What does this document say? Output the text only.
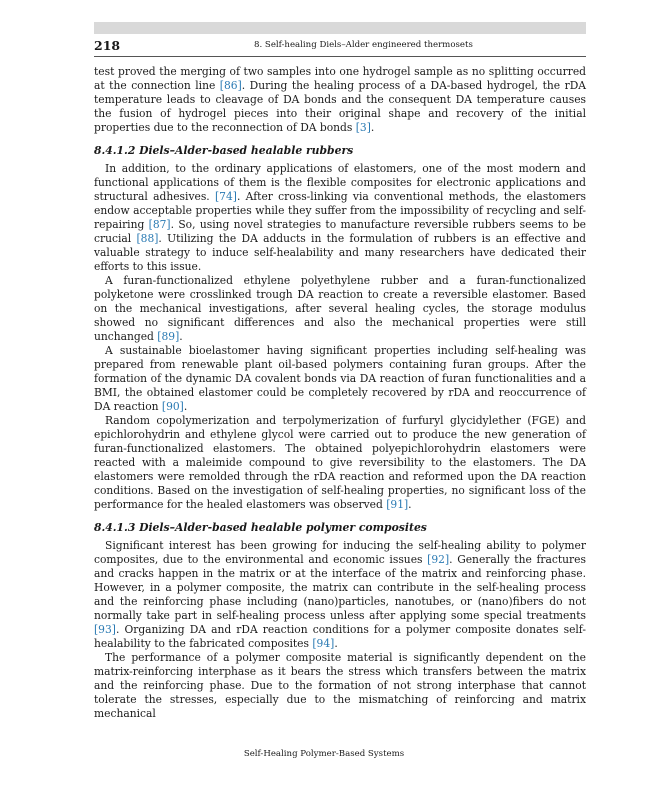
218	8. Self-healing Diels–Alder engineered thermosets

test proved the merging of two samples into one hydrogel sample as no splitting occurred at the connection line [86]. During the healing process of a DA-based hydrogel, the rDA temperature leads to cleavage of DA bonds and the consequent DA temperature causes the fusion of hydrogel pieces into their original shape and recovery of the initial properties due to the reconnection of DA bonds [3].

8.4.1.2 Diels–Alder-based healable rubbers

In addition, to the ordinary applications of elastomers, one of the most modern and functional applications of them is the flexible composites for electronic applications and structural adhesives. [74]. After cross-linking via conventional methods, the elastomers endow acceptable properties while they suffer from the impossibility of recycling and self-repairing [87]. So, using novel strategies to manufacture reversible rubbers seems to be crucial [88]. Utilizing the DA adducts in the formulation of rubbers is an effective and valuable strategy to induce self-healability and many researchers have dedicated their efforts to this issue.

A furan-functionalized ethylene polyethylene rubber and a furan-functionalized polyketone were crosslinked trough DA reaction to create a reversible elastomer. Based on the mechanical investigations, after several healing cycles, the storage modulus showed no significant differences and also the mechanical properties were still unchanged [89].

A sustainable bioelastomer having significant properties including self-healing was prepared from renewable plant oil-based polymers containing furan groups. After the formation of the dynamic DA covalent bonds via DA reaction of furan functionalities and a BMI, the obtained elastomer could be completely recovered by rDA and reoccurrence of DA reaction [90].

Random copolymerization and terpolymerization of furfuryl glycidylether (FGE) and epichlorohydrin and ethylene glycol were carried out to produce the new generation of furan-functionalized elastomers. The obtained polyepichlorohydrin elastomers were reacted with a maleimide compound to give reversibility to the elastomers. The DA elastomers were remolded through the rDA reaction and reformed upon the DA reaction conditions. Based on the investigation of self-healing properties, no significant loss of the performance for the healed elastomers was observed [91].

8.4.1.3 Diels–Alder-based healable polymer composites

Significant interest has been growing for inducing the self-healing ability to polymer composites, due to the environmental and economic issues [92]. Generally the fractures and cracks happen in the matrix or at the interface of the matrix and reinforcing phase. However, in a polymer composite, the matrix can contribute in the self-healing process and the reinforcing phase including (nano)particles, nanotubes, or (nano)fibers do not normally take part in self-healing process unless after applying some special treatments [93]. Organizing DA and rDA reaction conditions for a polymer composite donates self-healability to the fabricated composites [94].

The performance of a polymer composite material is significantly dependent on the matrix-reinforcing interphase as it bears the stress which transfers between the matrix and the reinforcing phase. Due to the formation of not strong interphase that cannot tolerate the stresses, especially due to the mismatching of reinforcing and matrix mechanical

Self-Healing Polymer-Based Systems
